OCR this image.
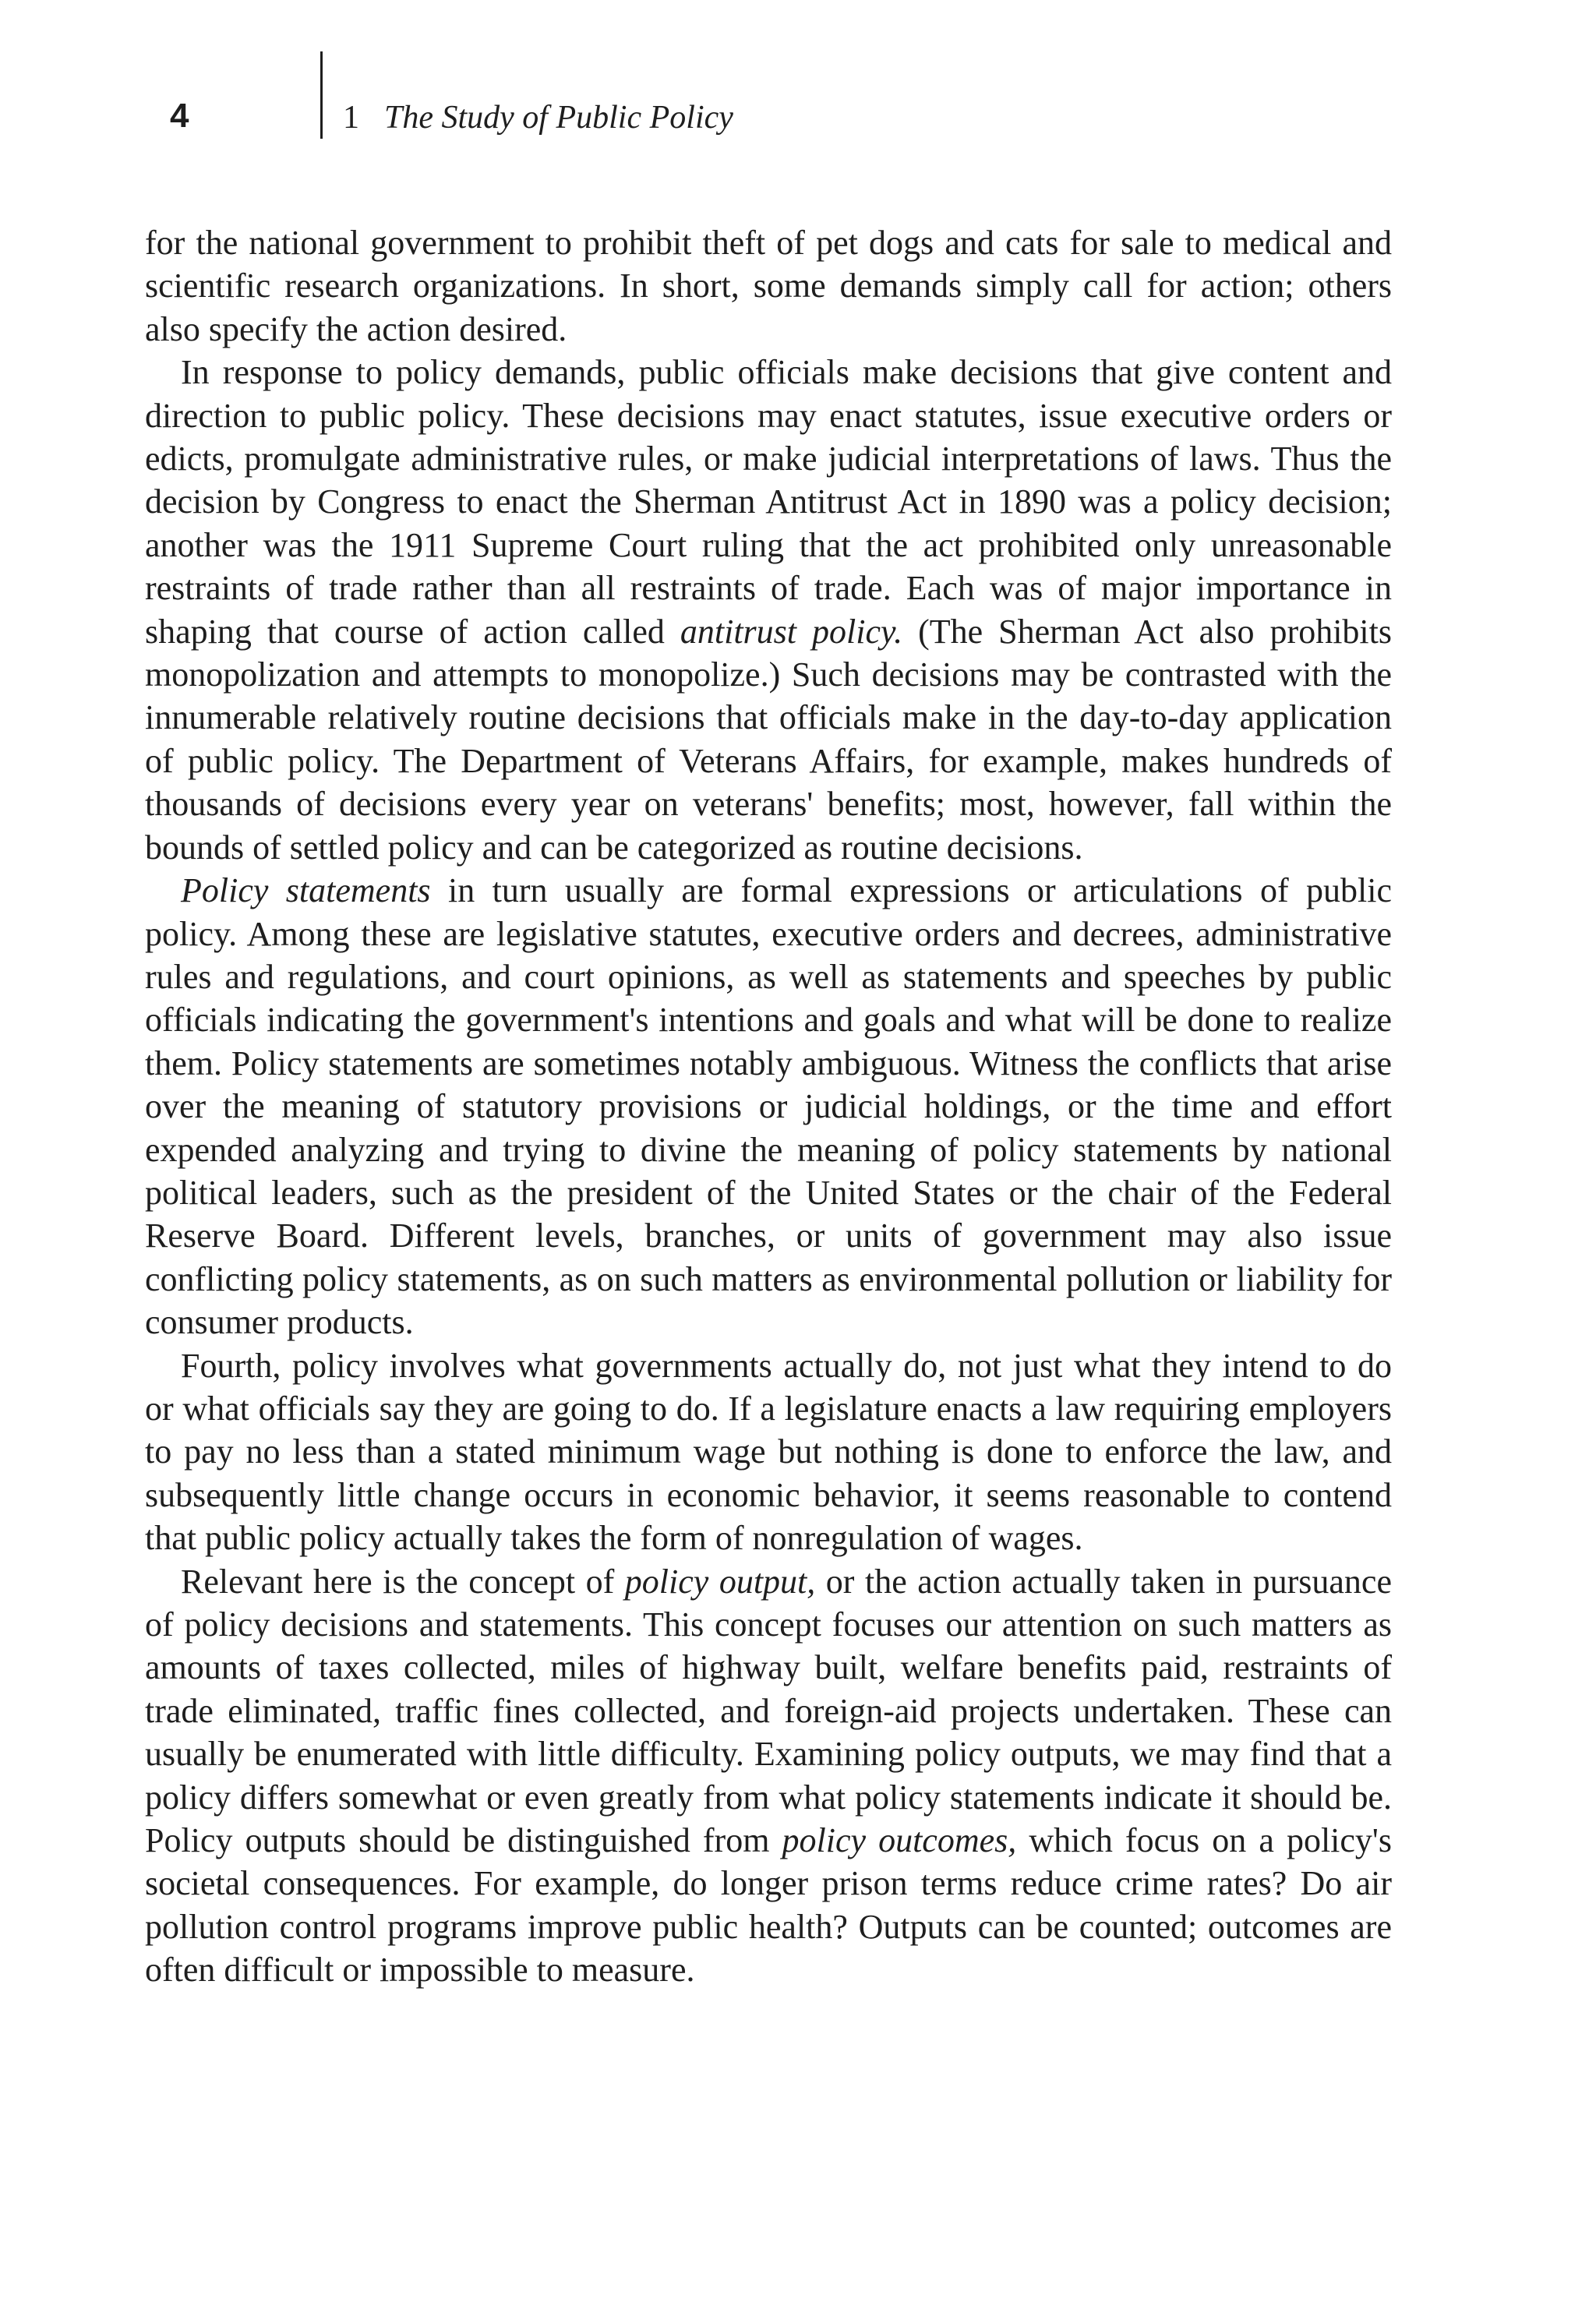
4	1 The Study of Public Policy

for the national government to prohibit theft of pet dogs and cats for sale to medical and scientific research organizations. In short, some demands simply call for action; others also specify the action desired.

In response to policy demands, public officials make decisions that give content and direction to public policy. These decisions may enact statutes, issue executive orders or edicts, promulgate administrative rules, or make judicial interpretations of laws. Thus the decision by Congress to enact the Sherman Antitrust Act in 1890 was a policy decision; another was the 1911 Supreme Court ruling that the act prohibited only unreasonable restraints of trade rather than all restraints of trade. Each was of major importance in shaping that course of action called antitrust policy. (The Sherman Act also prohibits monopolization and attempts to monopolize.) Such decisions may be contrasted with the innumerable relatively routine decisions that officials make in the day-to-day application of public policy. The Department of Veterans Affairs, for example, makes hundreds of thousands of decisions every year on veterans' benefits; most, however, fall within the bounds of settled policy and can be categorized as routine decisions.

Policy statements in turn usually are formal expressions or articulations of public policy. Among these are legislative statutes, executive orders and decrees, administrative rules and regulations, and court opinions, as well as statements and speeches by public officials indicating the government's intentions and goals and what will be done to realize them. Policy statements are sometimes notably ambiguous. Witness the conflicts that arise over the meaning of statutory provisions or judicial holdings, or the time and effort expended analyzing and trying to divine the meaning of policy statements by national political leaders, such as the president of the United States or the chair of the Federal Reserve Board. Different levels, branches, or units of government may also issue conflicting policy statements, as on such matters as environmental pollution or liability for consumer products.

Fourth, policy involves what governments actually do, not just what they intend to do or what officials say they are going to do. If a legislature enacts a law requiring employers to pay no less than a stated minimum wage but nothing is done to enforce the law, and subsequently little change occurs in economic behavior, it seems reasonable to contend that public policy actually takes the form of nonregulation of wages.

Relevant here is the concept of policy output, or the action actually taken in pursuance of policy decisions and statements. This concept focuses our attention on such matters as amounts of taxes collected, miles of highway built, welfare benefits paid, restraints of trade eliminated, traffic fines collected, and foreign-aid projects undertaken. These can usually be enumerated with little difficulty. Examining policy outputs, we may find that a policy differs somewhat or even greatly from what policy statements indicate it should be. Policy outputs should be distinguished from policy outcomes, which focus on a policy's societal consequences. For example, do longer prison terms reduce crime rates? Do air pollution control programs improve public health? Outputs can be counted; outcomes are often difficult or impossible to measure.
